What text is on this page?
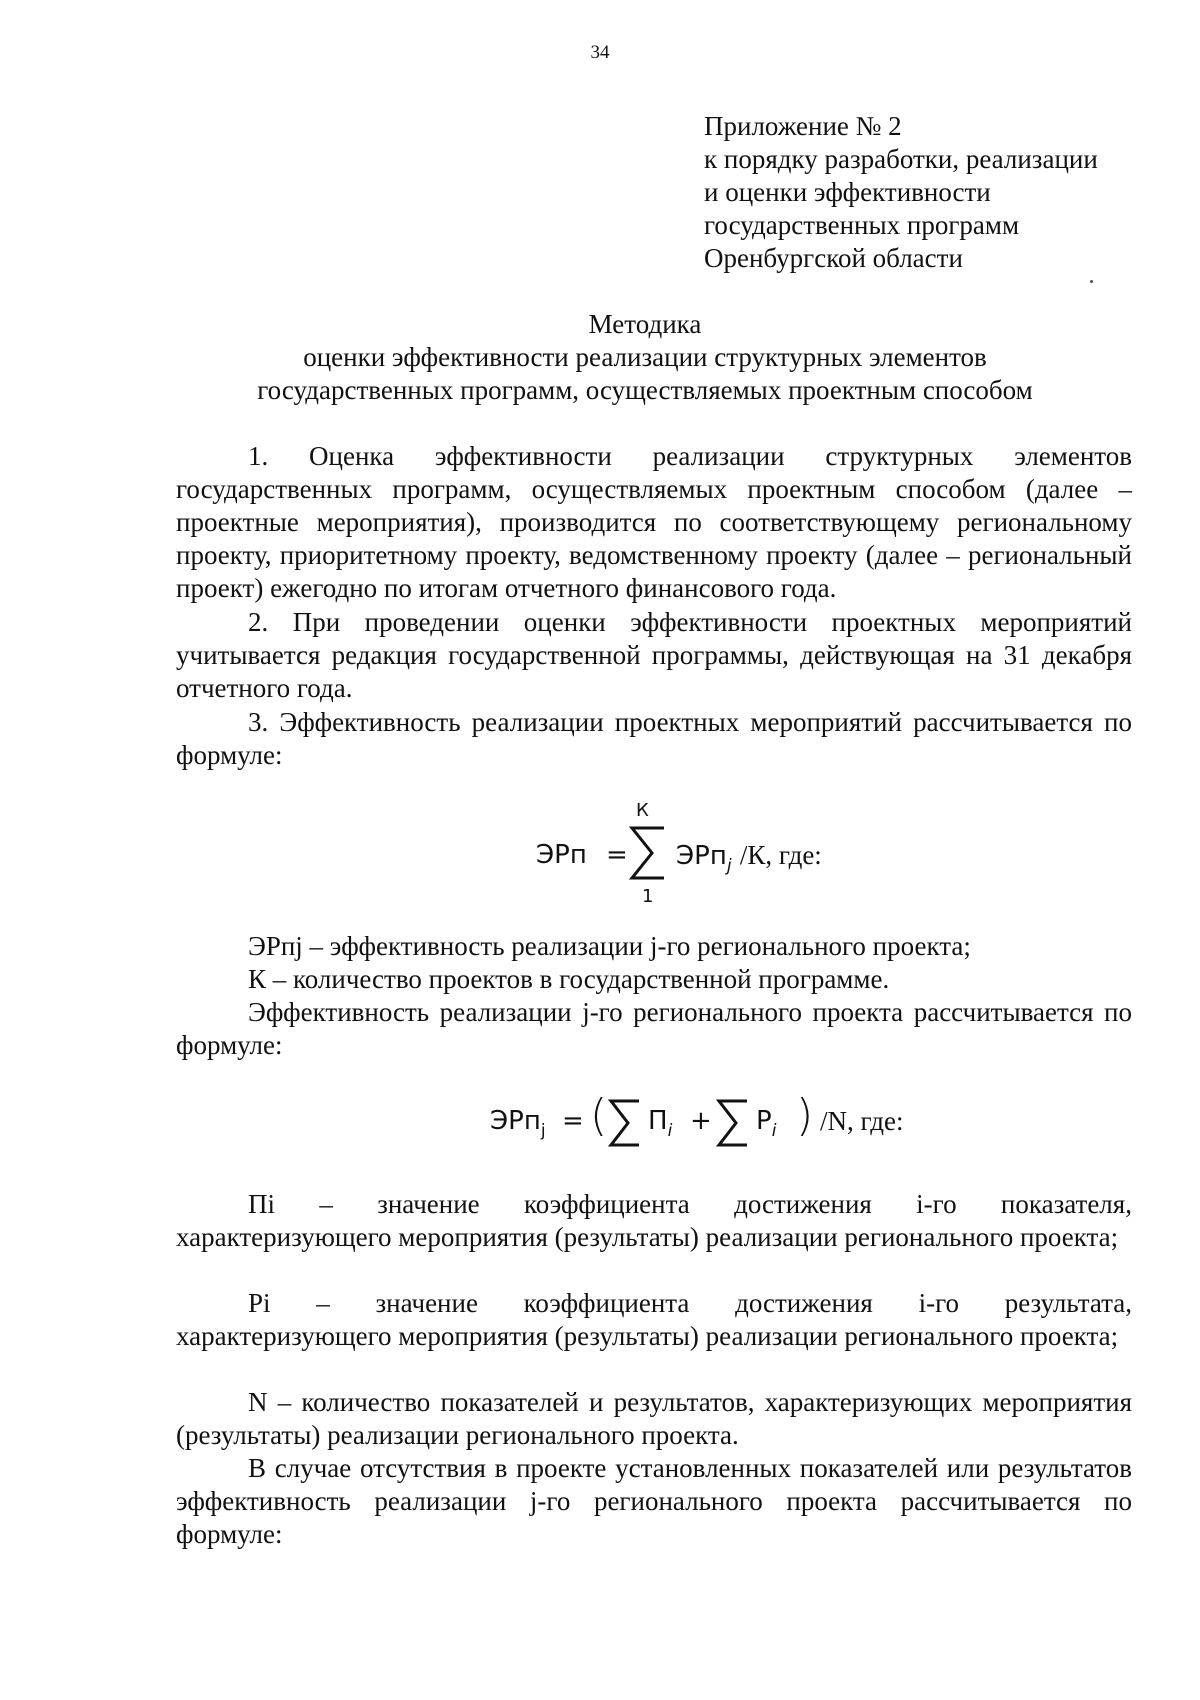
34
Приложение № 2
к порядку разработки, реализации
и оценки эффективности
государственных программ
Оренбургской области
Методика
оценки эффективности реализации структурных элементов
государственных программ, осуществляемых проектным способом
1. Оценка эффективности реализации структурных элементов государственных программ, осуществляемых проектным способом (далее – проектные мероприятия), производится по соответствующему региональному проекту, приоритетному проекту, ведомственному проекту (далее – региональный проект) ежегодно по итогам отчетного финансового года.
2. При проведении оценки эффективности проектных мероприятий учитывается редакция государственной программы, действующая на 31 декабря отчетного года.
3. Эффективность реализации проектных мероприятий рассчитывается по формуле:
ЭРп =
К
1
ЭРп$_j$ /К, где:
ЭРпj – эффективность реализации j-го регионального проекта;
К – количество проектов в государственной программе.
Эффективность реализации j-го регионального проекта рассчитывается по формуле:
ЭРп$_j$ = ( $П_i + Р_i$ ) /N, где:
Пi – значение коэффициента достижения i-го показателя,
характеризующего мероприятия (результаты) реализации регионального проекта;
Рi – значение коэффициента достижения i-го результата,
характеризующего мероприятия (результаты) реализации регионального проекта;
N – количество показателей и результатов, характеризующих мероприятия (результаты) реализации регионального проекта.
В случае отсутствия в проекте установленных показателей или результатов эффективность реализации j-го регионального проекта рассчитывается по формуле:
